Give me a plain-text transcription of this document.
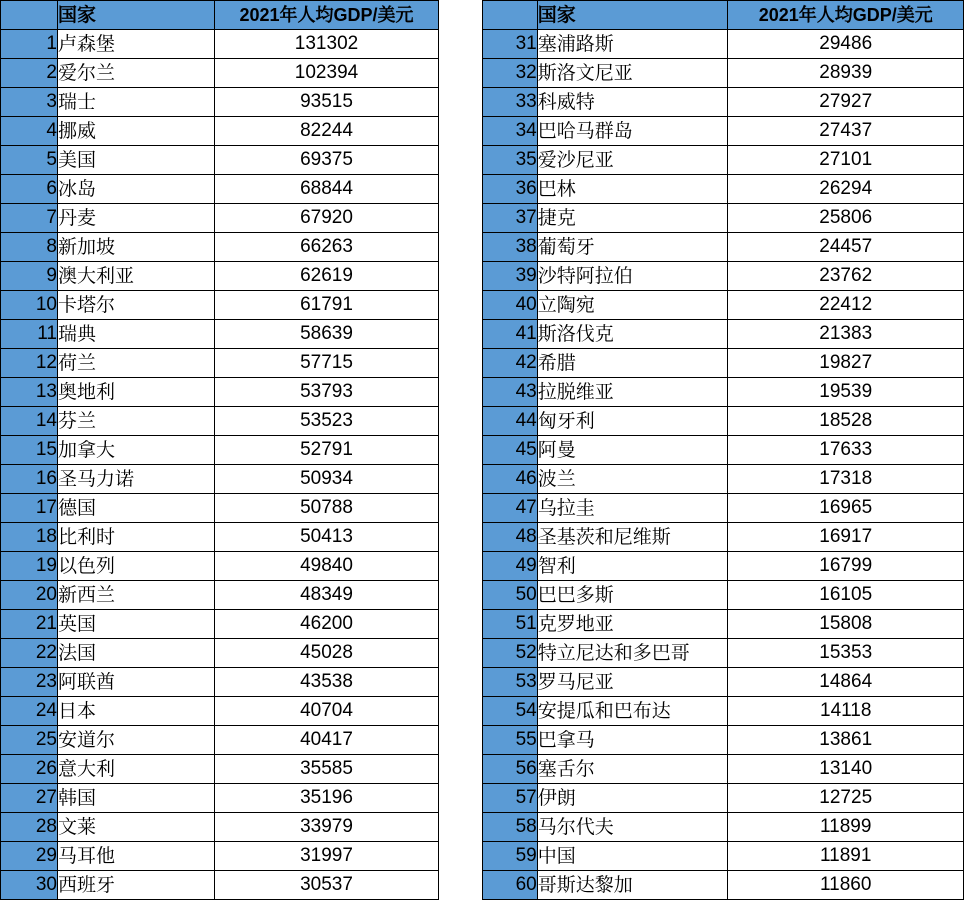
	国家	2021年人均GDP/美元
1	卢森堡	131302
2	爱尔兰	102394
3	瑞士	93515
4	挪威	82244
5	美国	69375
6	冰岛	68844
7	丹麦	67920
8	新加坡	66263
9	澳大利亚	62619
10	卡塔尔	61791
11	瑞典	58639
12	荷兰	57715
13	奥地利	53793
14	芬兰	53523
15	加拿大	52791
16	圣马力诺	50934
17	德国	50788
18	比利时	50413
19	以色列	49840
20	新西兰	48349
21	英国	46200
22	法国	45028
23	阿联酋	43538
24	日本	40704
25	安道尔	40417
26	意大利	35585
27	韩国	35196
28	文莱	33979
29	马耳他	31997
30	西班牙	30537
	国家	2021年人均GDP/美元
31	塞浦路斯	29486
32	斯洛文尼亚	28939
33	科威特	27927
34	巴哈马群岛	27437
35	爱沙尼亚	27101
36	巴林	26294
37	捷克	25806
38	葡萄牙	24457
39	沙特阿拉伯	23762
40	立陶宛	22412
41	斯洛伐克	21383
42	希腊	19827
43	拉脱维亚	19539
44	匈牙利	18528
45	阿曼	17633
46	波兰	17318
47	乌拉圭	16965
48	圣基茨和尼维斯	16917
49	智利	16799
50	巴巴多斯	16105
51	克罗地亚	15808
52	特立尼达和多巴哥	15353
53	罗马尼亚	14864
54	安提瓜和巴布达	14118
55	巴拿马	13861
56	塞舌尔	13140
57	伊朗	12725
58	马尔代夫	11899
59	中国	11891
60	哥斯达黎加	11860
